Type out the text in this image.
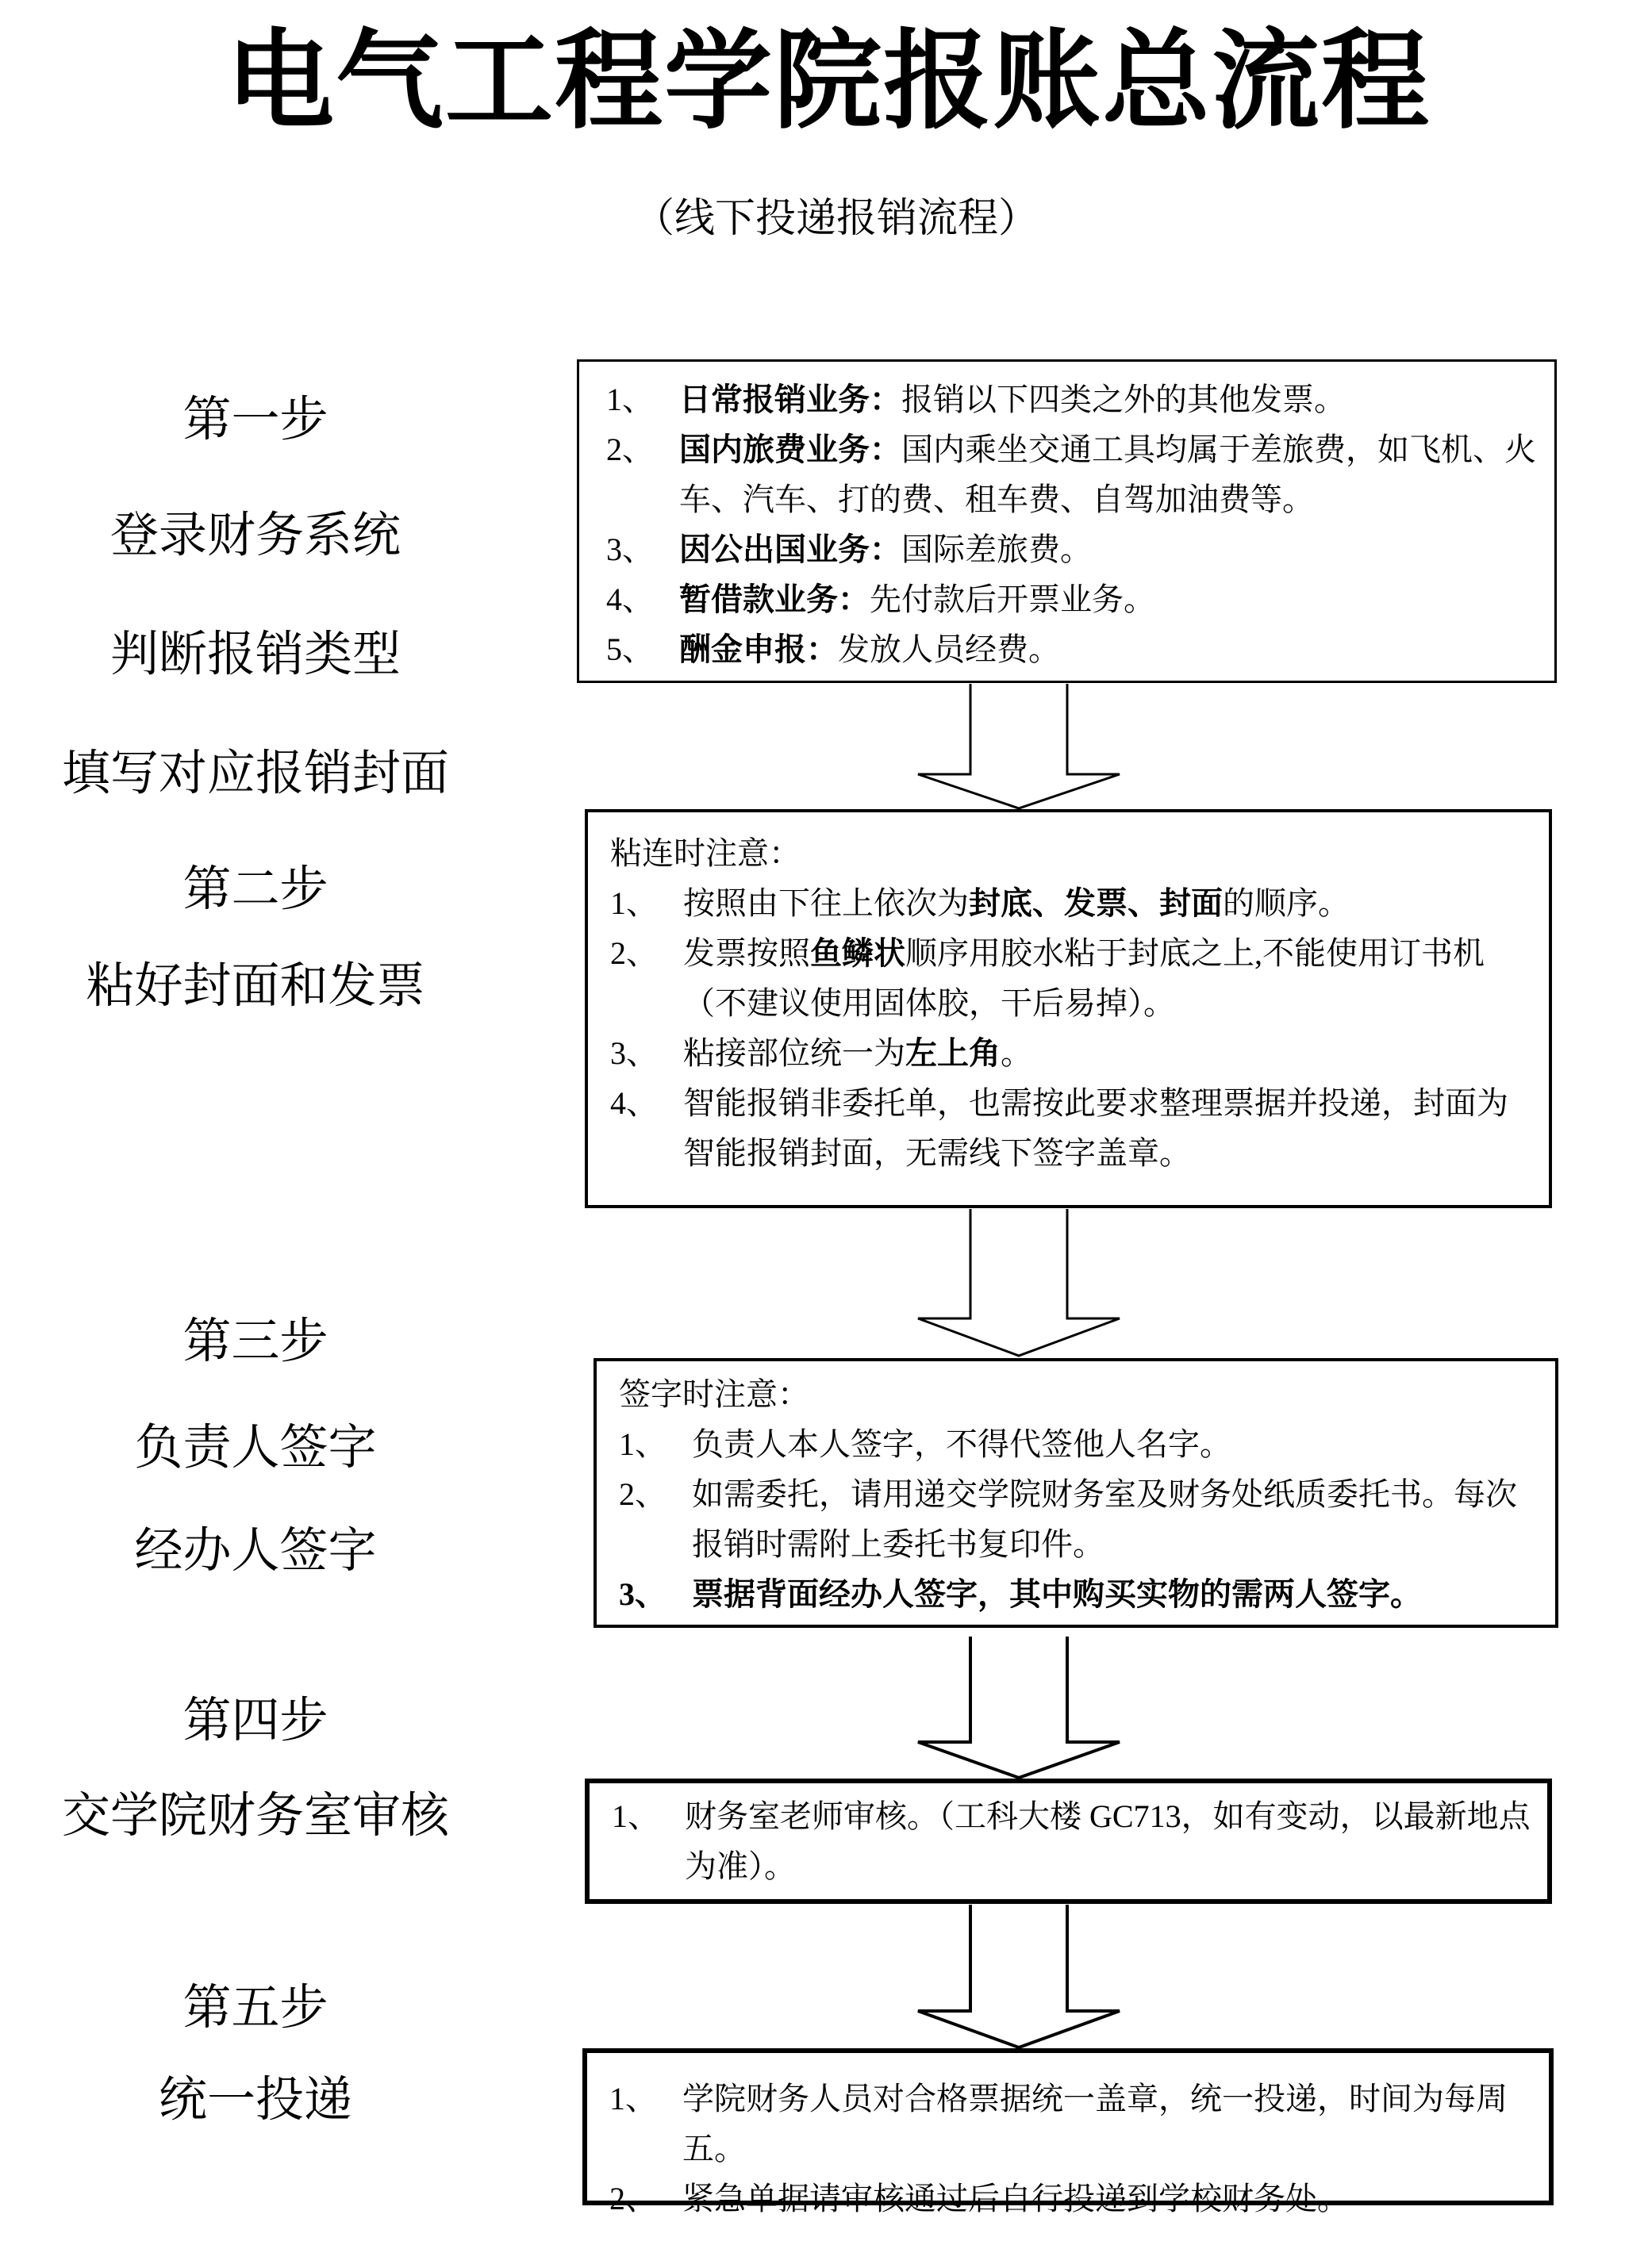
电气工程学院报账总流程
（线下投递报销流程）
第一步
登录财务系统
判断报销类型
填写对应报销封面
第二步
粘好封面和发票
第三步
负责人签字
经办人签字
第四步
交学院财务室审核
第五步
统一投递
1、 日常报销业务：报销以下四类之外的其他发票。
2、 国内旅费业务：国内乘坐交通工具均属于差旅费，如飞机、火车、汽车、打的费、租车费、自驾加油费等。
3、 因公出国业务：国际差旅费。
4、 暂借款业务：先付款后开票业务。
5、 酬金申报：发放人员经费。
粘连时注意：
1、 按照由下往上依次为封底、发票、封面的顺序。
2、 发票按照鱼鳞状顺序用胶水粘于封底之上,不能使用订书机（不建议使用固体胶，干后易掉）。
3、 粘接部位统一为左上角。
4、 智能报销非委托单，也需按此要求整理票据并投递，封面为智能报销封面，无需线下签字盖章。
签字时注意：
1、 负责人本人签字，不得代签他人名字。
2、 如需委托，请用递交学院财务室及财务处纸质委托书。每次报销时需附上委托书复印件。
3、 票据背面经办人签字，其中购买实物的需两人签字。
1、 财务室老师审核。（工科大楼 GC713，如有变动，以最新地点为准）。
1、 学院财务人员对合格票据统一盖章，统一投递，时间为每周五。
2、 紧急单据请审核通过后自行投递到学校财务处。
